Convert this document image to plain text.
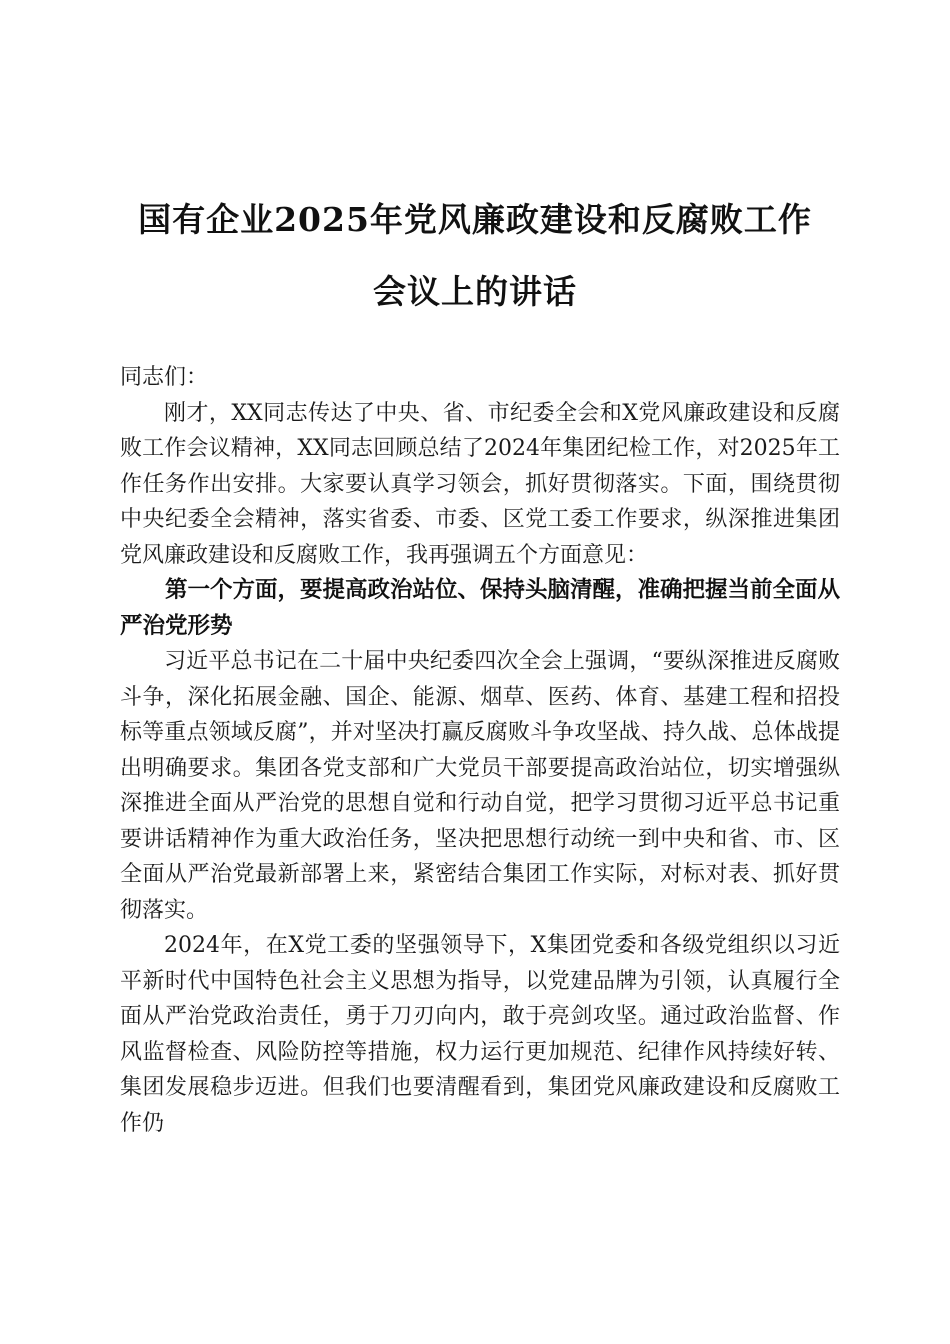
国有企业2025年党风廉政建设和反腐败工作
会议上的讲话

同志们：

刚才，XX同志传达了中央、省、市纪委全会和X党风廉政建设和反腐败工作会议精神，XX同志回顾总结了2024年集团纪检工作，对2025年工作任务作出安排。大家要认真学习领会，抓好贯彻落实。下面，围绕贯彻中央纪委全会精神，落实省委、市委、区党工委工作要求，纵深推进集团党风廉政建设和反腐败工作，我再强调五个方面意见：

第一个方面，要提高政治站位、保持头脑清醒，准确把握当前全面从严治党形势

习近平总书记在二十届中央纪委四次全会上强调，“要纵深推进反腐败斗争，深化拓展金融、国企、能源、烟草、医药、体育、基建工程和招投标等重点领域反腐”，并对坚决打赢反腐败斗争攻坚战、持久战、总体战提出明确要求。集团各党支部和广大党员干部要提高政治站位，切实增强纵深推进全面从严治党的思想自觉和行动自觉，把学习贯彻习近平总书记重要讲话精神作为重大政治任务，坚决把思想行动统一到中央和省、市、区全面从严治党最新部署上来，紧密结合集团工作实际，对标对表、抓好贯彻落实。

2024年，在X党工委的坚强领导下，X集团党委和各级党组织以习近平新时代中国特色社会主义思想为指导，以党建品牌为引领，认真履行全面从严治党政治责任，勇于刀刃向内，敢于亮剑攻坚。通过政治监督、作风监督检查、风险防控等措施，权力运行更加规范、纪律作风持续好转、集团发展稳步迈进。但我们也要清醒看到，集团党风廉政建设和反腐败工作仍
